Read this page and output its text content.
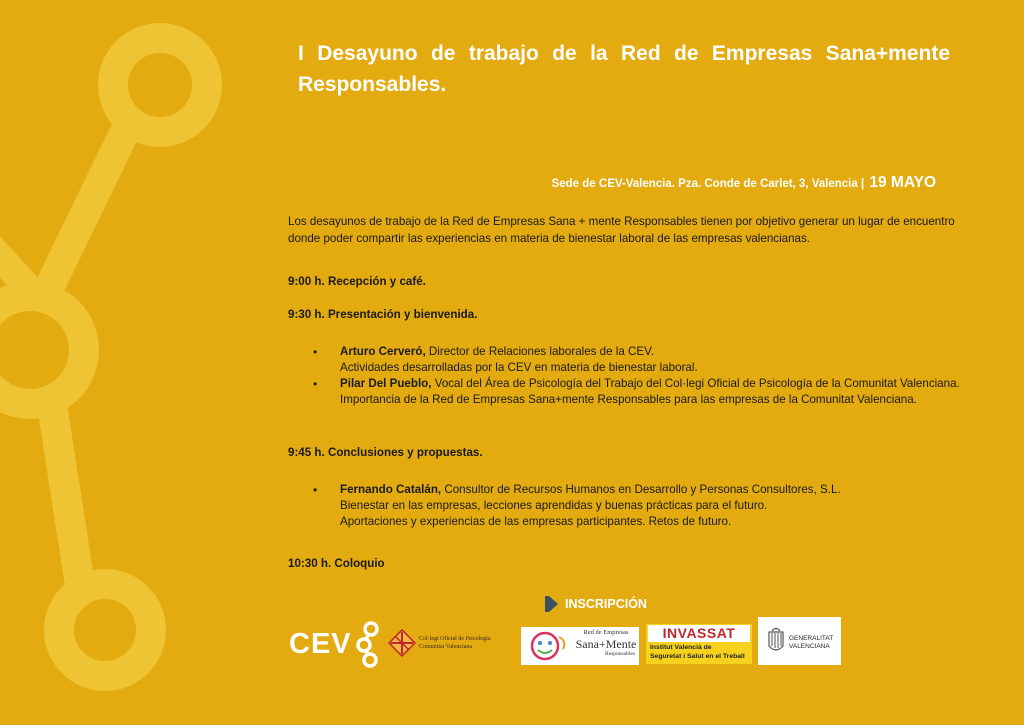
I Desayuno de trabajo de la Red de Empresas Sana+mente Responsables.
Sede de CEV-Valencia. Pza. Conde de Carlet, 3, Valencia | 19 MAYO

Los desayunos de trabajo de la Red de Empresas Sana + mente Responsables tienen por objetivo generar un lugar de encuentro donde poder compartir las experiencias en materia de bienestar laboral de las empresas valencianas.

9:00 h. Recepción y café.

9:30 h. Presentación y bienvenida.

• Arturo Cerveró, Director de Relaciones laborales de la CEV.
Actividades desarrolladas por la CEV en materia de bienestar laboral.
• Pilar Del Pueblo, Vocal del Área de Psicología del Trabajo del Col·legi Oficial de Psicología de la Comunitat Valenciana.
Importancia de la Red de Empresas Sana+mente Responsables para las empresas de la Comunitat Valenciana.

9:45 h. Conclusiones y propuestas.

• Fernando Catalán, Consultor de Recursos Humanos en Desarrollo y Personas Consultores, S.L.
Bienestar en las empresas, lecciones aprendidas y buenas prácticas para el futuro.
Aportaciones y experiencias de las empresas participantes. Retos de futuro.

10:30 h. Coloquio

INSCRIPCIÓN
CEV	Col·legi Oficial de Psicologia
Comunitat Valenciana
Red de Empresas
Sana+Mente
Responsables
INVASSAT
Institut Valencià de
Seguretat i Salut en el Treball
GENERALITAT
VALENCIANA
